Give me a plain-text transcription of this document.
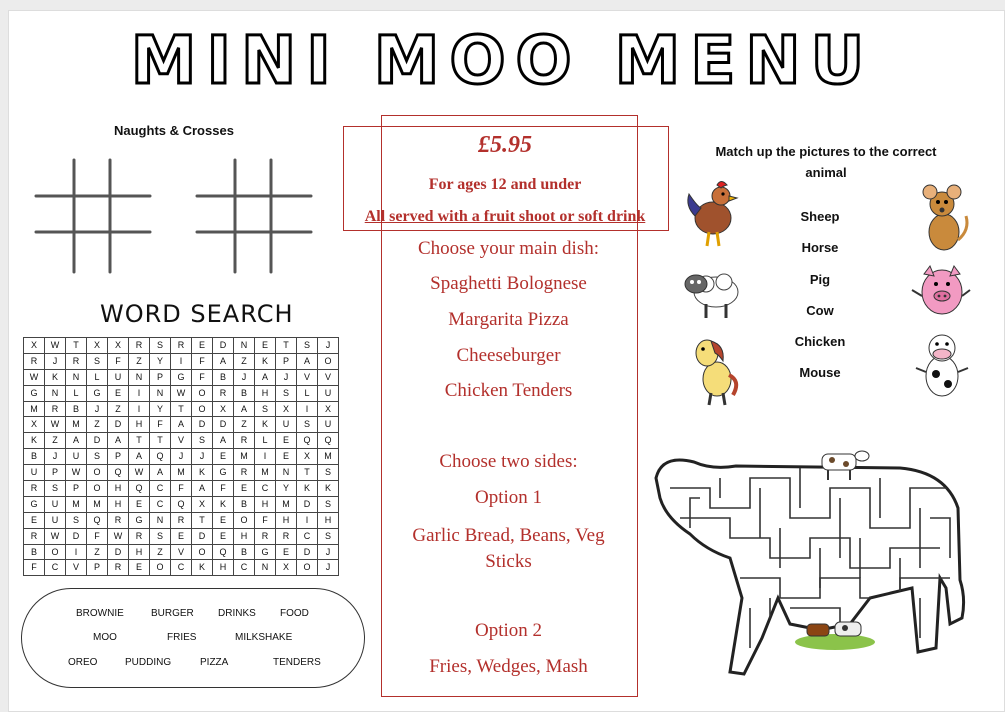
MINI MOO MENU
Naughts & Crosses
WORD SEARCH
X	W	T	X	X	R	S	R	E	D	N	E	T	S	J
R	J	R	S	F	Z	Y	I	F	A	Z	K	P	A	O
W	K	N	L	U	N	P	G	F	B	J	A	J	V	V
G	N	L	G	E	I	N	W	O	R	B	H	S	L	U
M	R	B	J	Z	I	Y	T	O	X	A	S	X	I	X
X	W	M	Z	D	H	F	A	D	D	Z	K	U	S	U
K	Z	A	D	A	T	T	V	S	A	R	L	E	Q	Q
B	J	U	S	P	A	Q	J	J	E	M	I	E	X	M
U	P	W	O	Q	W	A	M	K	G	R	M	N	T	S
R	S	P	O	H	Q	C	F	A	F	E	C	Y	K	K
G	U	M	M	H	E	C	Q	X	K	B	H	M	D	S
E	U	S	Q	R	G	N	R	T	E	O	F	H	I	H
R	W	D	F	W	R	S	E	D	E	H	R	R	C	S
B	O	I	Z	D	H	Z	V	O	Q	B	G	E	D	J
F	C	V	P	R	E	O	C	K	H	C	N	X	O	J
BROWNIE	BURGER DRINKS FOOD
MOO	FRIES	MILKSHAKE
OREO	PUDDING	PIZZA	TENDERS
£5.95
For ages 12 and under
All served with a fruit shoot or soft drink
Choose your main dish:
Spaghetti Bolognese
Margarita Pizza
Cheeseburger
Chicken Tenders
Choose two sides:
Option 1
Garlic Bread, Beans, Veg Sticks
Option 2
Fries, Wedges, Mash
Match up the pictures to the correct animal
Sheep
Horse
Pig
Cow
Chicken
Mouse
